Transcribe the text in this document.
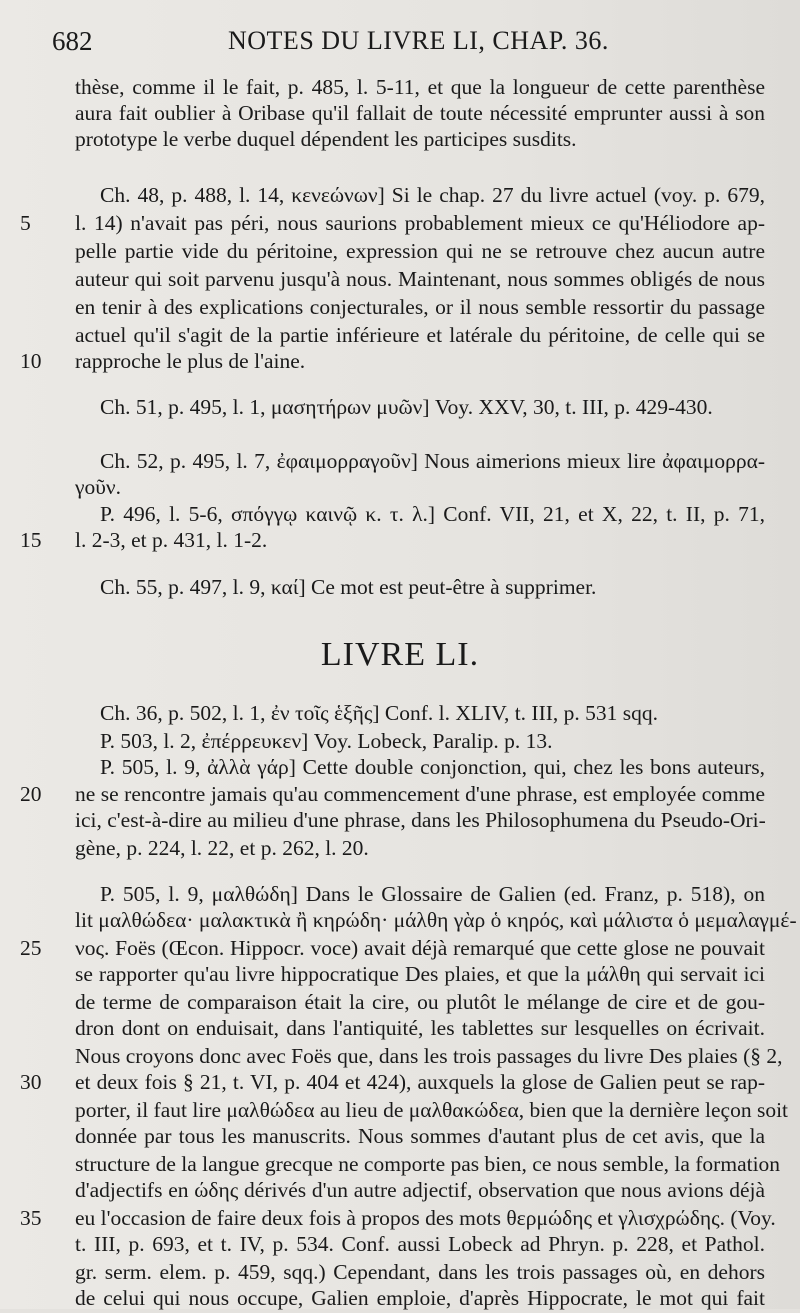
682	NOTES DU LIVRE LI, CHAP. 36.
thèse, comme il le fait, p. 485, l. 5-11, et que la longueur de cette parenthèse
aura fait oublier à Oribase qu'il fallait de toute nécessité emprunter aussi à son
prototype le verbe duquel dépendent les participes susdits.
Ch. 48, p. 488, l. 14, κενεώνων] Si le chap. 27 du livre actuel (voy. p. 679,
l. 14) n'avait pas péri, nous saurions probablement mieux ce qu'Héliodore ap-
pelle partie vide du péritoine, expression qui ne se retrouve chez aucun autre
auteur qui soit parvenu jusqu'à nous. Maintenant, nous sommes obligés de nous
en tenir à des explications conjecturales, or il nous semble ressortir du passage
actuel qu'il s'agit de la partie inférieure et latérale du péritoine, de celle qui se
rapproche le plus de l'aine.
Ch. 51, p. 495, l. 1, μασητήρων μυῶν] Voy. XXV, 30, t. III, p. 429-430.
Ch. 52, p. 495, l. 7, ἐφαιμορραγοῦν] Nous aimerions mieux lire ἀφαιμορρα-
γοῦν.
P. 496, l. 5-6, σπόγγῳ καινῷ κ. τ. λ.] Conf. VII, 21, et X, 22, t. II, p. 71,
l. 2-3, et p. 431, l. 1-2.
Ch. 55, p. 497, l. 9, καί] Ce mot est peut-être à supprimer.
Ch. 36, p. 502, l. 1, ἐν τοῖς ἑξῆς] Conf. l. XLIV, t. III, p. 531 sqq.
P. 503, l. 2, ἐπέρρευκεν] Voy. Lobeck, Paralip. p. 13.
P. 505, l. 9, ἀλλὰ γάρ] Cette double conjonction, qui, chez les bons auteurs,
ne se rencontre jamais qu'au commencement d'une phrase, est employée comme
ici, c'est-à-dire au milieu d'une phrase, dans les Philosophumena du Pseudo-Ori-
gène, p. 224, l. 22, et p. 262, l. 20.
P. 505, l. 9, μαλθώδη] Dans le Glossaire de Galien (ed. Franz, p. 518), on
lit μαλθώδεα· μαλακτικὰ ἢ κηρώδη· μάλθη γὰρ ὁ κηρός, καὶ μάλιστα ὁ μεμαλαγμέ-
νος. Foës (Œcon. Hippocr. voce) avait déjà remarqué que cette glose ne pouvait
se rapporter qu'au livre hippocratique Des plaies, et que la μάλθη qui servait ici
de terme de comparaison était la cire, ou plutôt le mélange de cire et de gou-
dron dont on enduisait, dans l'antiquité, les tablettes sur lesquelles on écrivait.
Nous croyons donc avec Foës que, dans les trois passages du livre Des plaies (§ 2,
et deux fois § 21, t. VI, p. 404 et 424), auxquels la glose de Galien peut se rap-
porter, il faut lire μαλθώδεα au lieu de μαλθακώδεα, bien que la dernière leçon soit
donnée par tous les manuscrits. Nous sommes d'autant plus de cet avis, que la
structure de la langue grecque ne comporte pas bien, ce nous semble, la formation
d'adjectifs en ώδης dérivés d'un autre adjectif, observation que nous avions déjà
eu l'occasion de faire deux fois à propos des mots θερμώδης et γλισχρώδης. (Voy.
t. III, p. 693, et t. IV, p. 534. Conf. aussi Lobeck ad Phryn. p. 228, et Pathol.
gr. serm. elem. p. 459, sqq.) Cependant, dans les trois passages où, en dehors
de celui qui nous occupe, Galien emploie, d'après Hippocrate, le mot qui fait
5
10
15
20
25
30
35
LIVRE LI.
